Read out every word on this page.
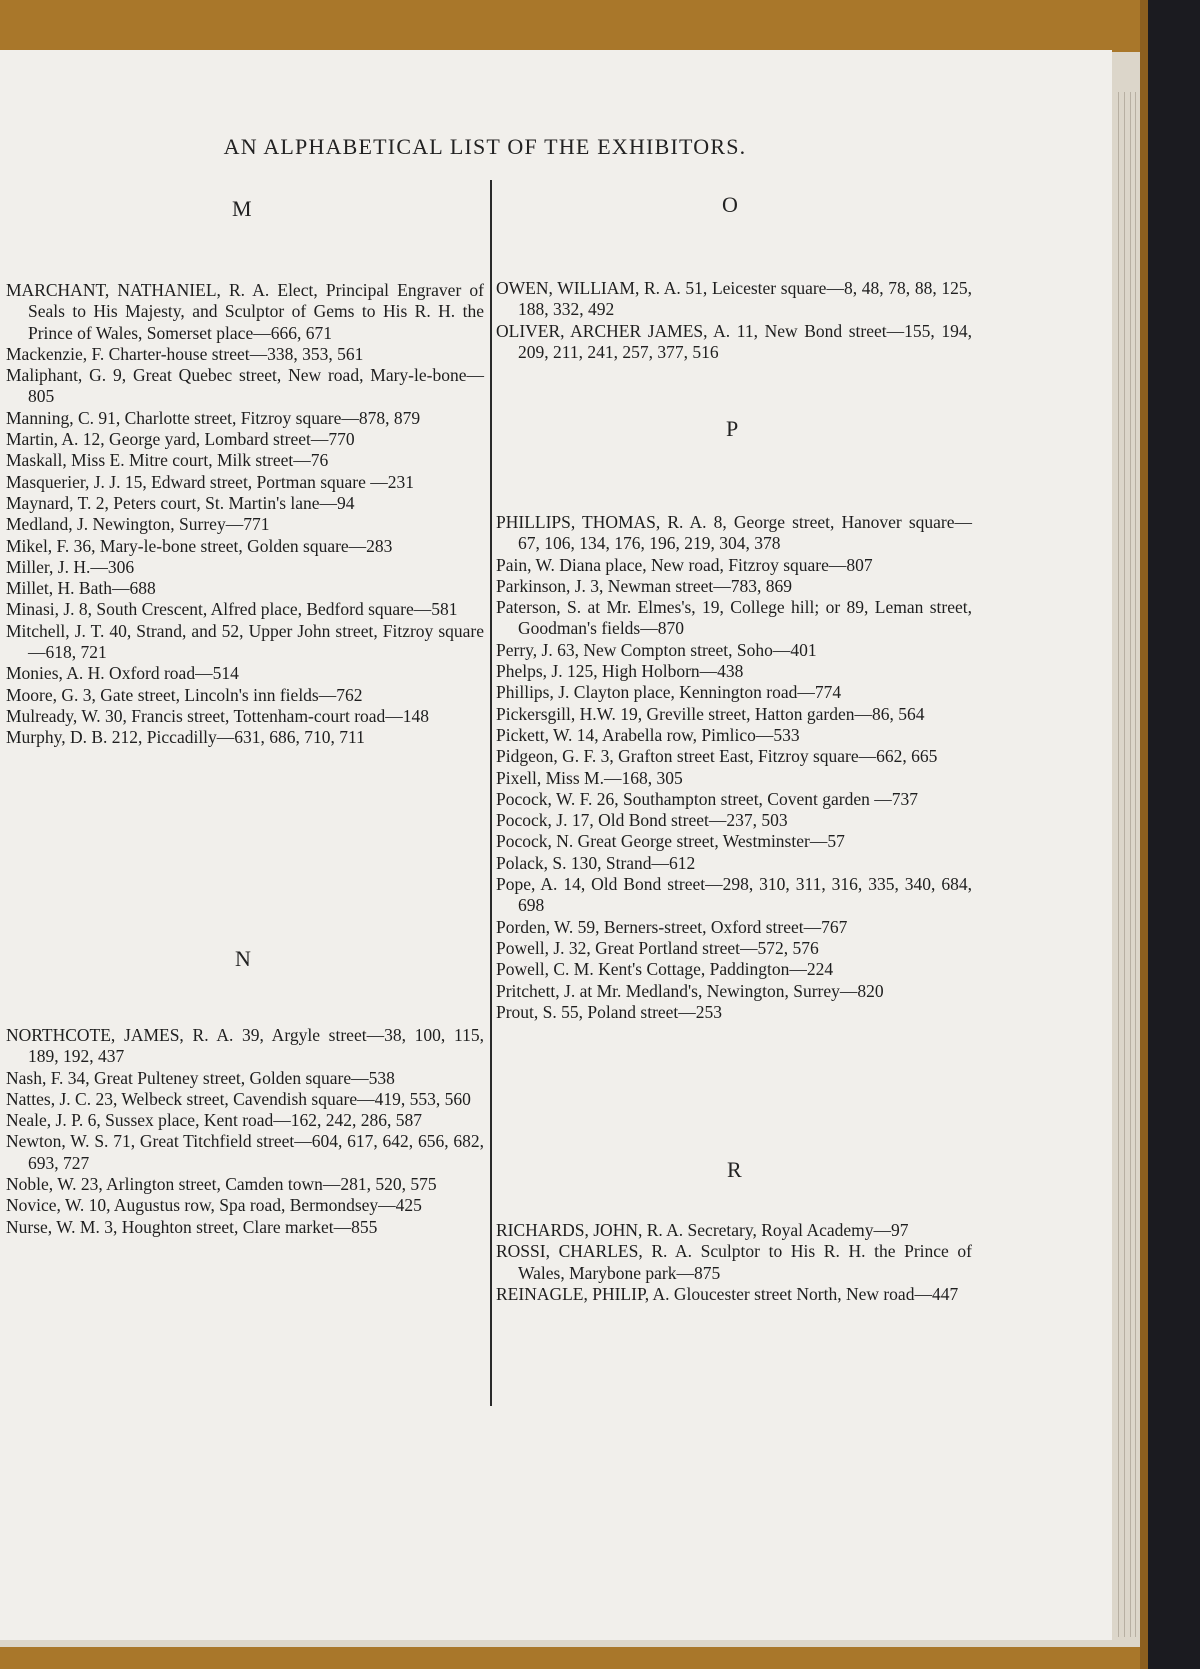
AN ALPHABETICAL LIST OF THE EXHIBITORS.
M	O
P
N
R

MARCHANT, NATHANIEL, R. A. Elect, Principal Engraver of Seals to His Majesty, and Sculptor of Gems to His R. H. the Prince of Wales, Somerset place—666, 671

Mackenzie, F. Charter-house street—338, 353, 561

Maliphant, G. 9, Great Quebec street, New road, Mary-le-bone—805

Manning, C. 91, Charlotte street, Fitzroy square—878, 879

Martin, A. 12, George yard, Lombard street—770

Maskall, Miss E. Mitre court, Milk street—76

Masquerier, J. J. 15, Edward street, Portman square —231

Maynard, T. 2, Peters court, St. Martin's lane—94

Medland, J. Newington, Surrey—771

Mikel, F. 36, Mary-le-bone street, Golden square—283

Miller, J. H.—306

Millet, H. Bath—688

Minasi, J. 8, South Crescent, Alfred place, Bedford square—581

Mitchell, J. T. 40, Strand, and 52, Upper John street, Fitzroy square—618, 721

Monies, A. H. Oxford road—514

Moore, G. 3, Gate street, Lincoln's inn fields—762

Mulready, W. 30, Francis street, Tottenham-court road—148

Murphy, D. B. 212, Piccadilly—631, 686, 710, 711

NORTHCOTE, JAMES, R. A. 39, Argyle street—38, 100, 115, 189, 192, 437

Nash, F. 34, Great Pulteney street, Golden square—538

Nattes, J. C. 23, Welbeck street, Cavendish square—419, 553, 560

Neale, J. P. 6, Sussex place, Kent road—162, 242, 286, 587

Newton, W. S. 71, Great Titchfield street—604, 617, 642, 656, 682, 693, 727

Noble, W. 23, Arlington street, Camden town—281, 520, 575

Novice, W. 10, Augustus row, Spa road, Bermondsey—425

Nurse, W. M. 3, Houghton street, Clare market—855

OWEN, WILLIAM, R. A. 51, Leicester square—8, 48, 78, 88, 125, 188, 332, 492

OLIVER, ARCHER JAMES, A. 11, New Bond street—155, 194, 209, 211, 241, 257, 377, 516

PHILLIPS, THOMAS, R. A. 8, George street, Hanover square—67, 106, 134, 176, 196, 219, 304, 378

Pain, W. Diana place, New road, Fitzroy square—807

Parkinson, J. 3, Newman street—783, 869

Paterson, S. at Mr. Elmes's, 19, College hill; or 89, Leman street, Goodman's fields—870

Perry, J. 63, New Compton street, Soho—401

Phelps, J. 125, High Holborn—438

Phillips, J. Clayton place, Kennington road—774

Pickersgill, H.W. 19, Greville street, Hatton garden—86, 564

Pickett, W. 14, Arabella row, Pimlico—533

Pidgeon, G. F. 3, Grafton street East, Fitzroy square—662, 665

Pixell, Miss M.—168, 305

Pocock, W. F. 26, Southampton street, Covent garden —737

Pocock, J. 17, Old Bond street—237, 503

Pocock, N. Great George street, Westminster—57

Polack, S. 130, Strand—612

Pope, A. 14, Old Bond street—298, 310, 311, 316, 335, 340, 684, 698

Porden, W. 59, Berners-street, Oxford street—767

Powell, J. 32, Great Portland street—572, 576

Powell, C. M. Kent's Cottage, Paddington—224

Pritchett, J. at Mr. Medland's, Newington, Surrey—820

Prout, S. 55, Poland street—253

RICHARDS, JOHN, R. A. Secretary, Royal Academy—97

ROSSI, CHARLES, R. A. Sculptor to His R. H. the Prince of Wales, Marybone park—875

REINAGLE, PHILIP, A. Gloucester street North, New road—447
